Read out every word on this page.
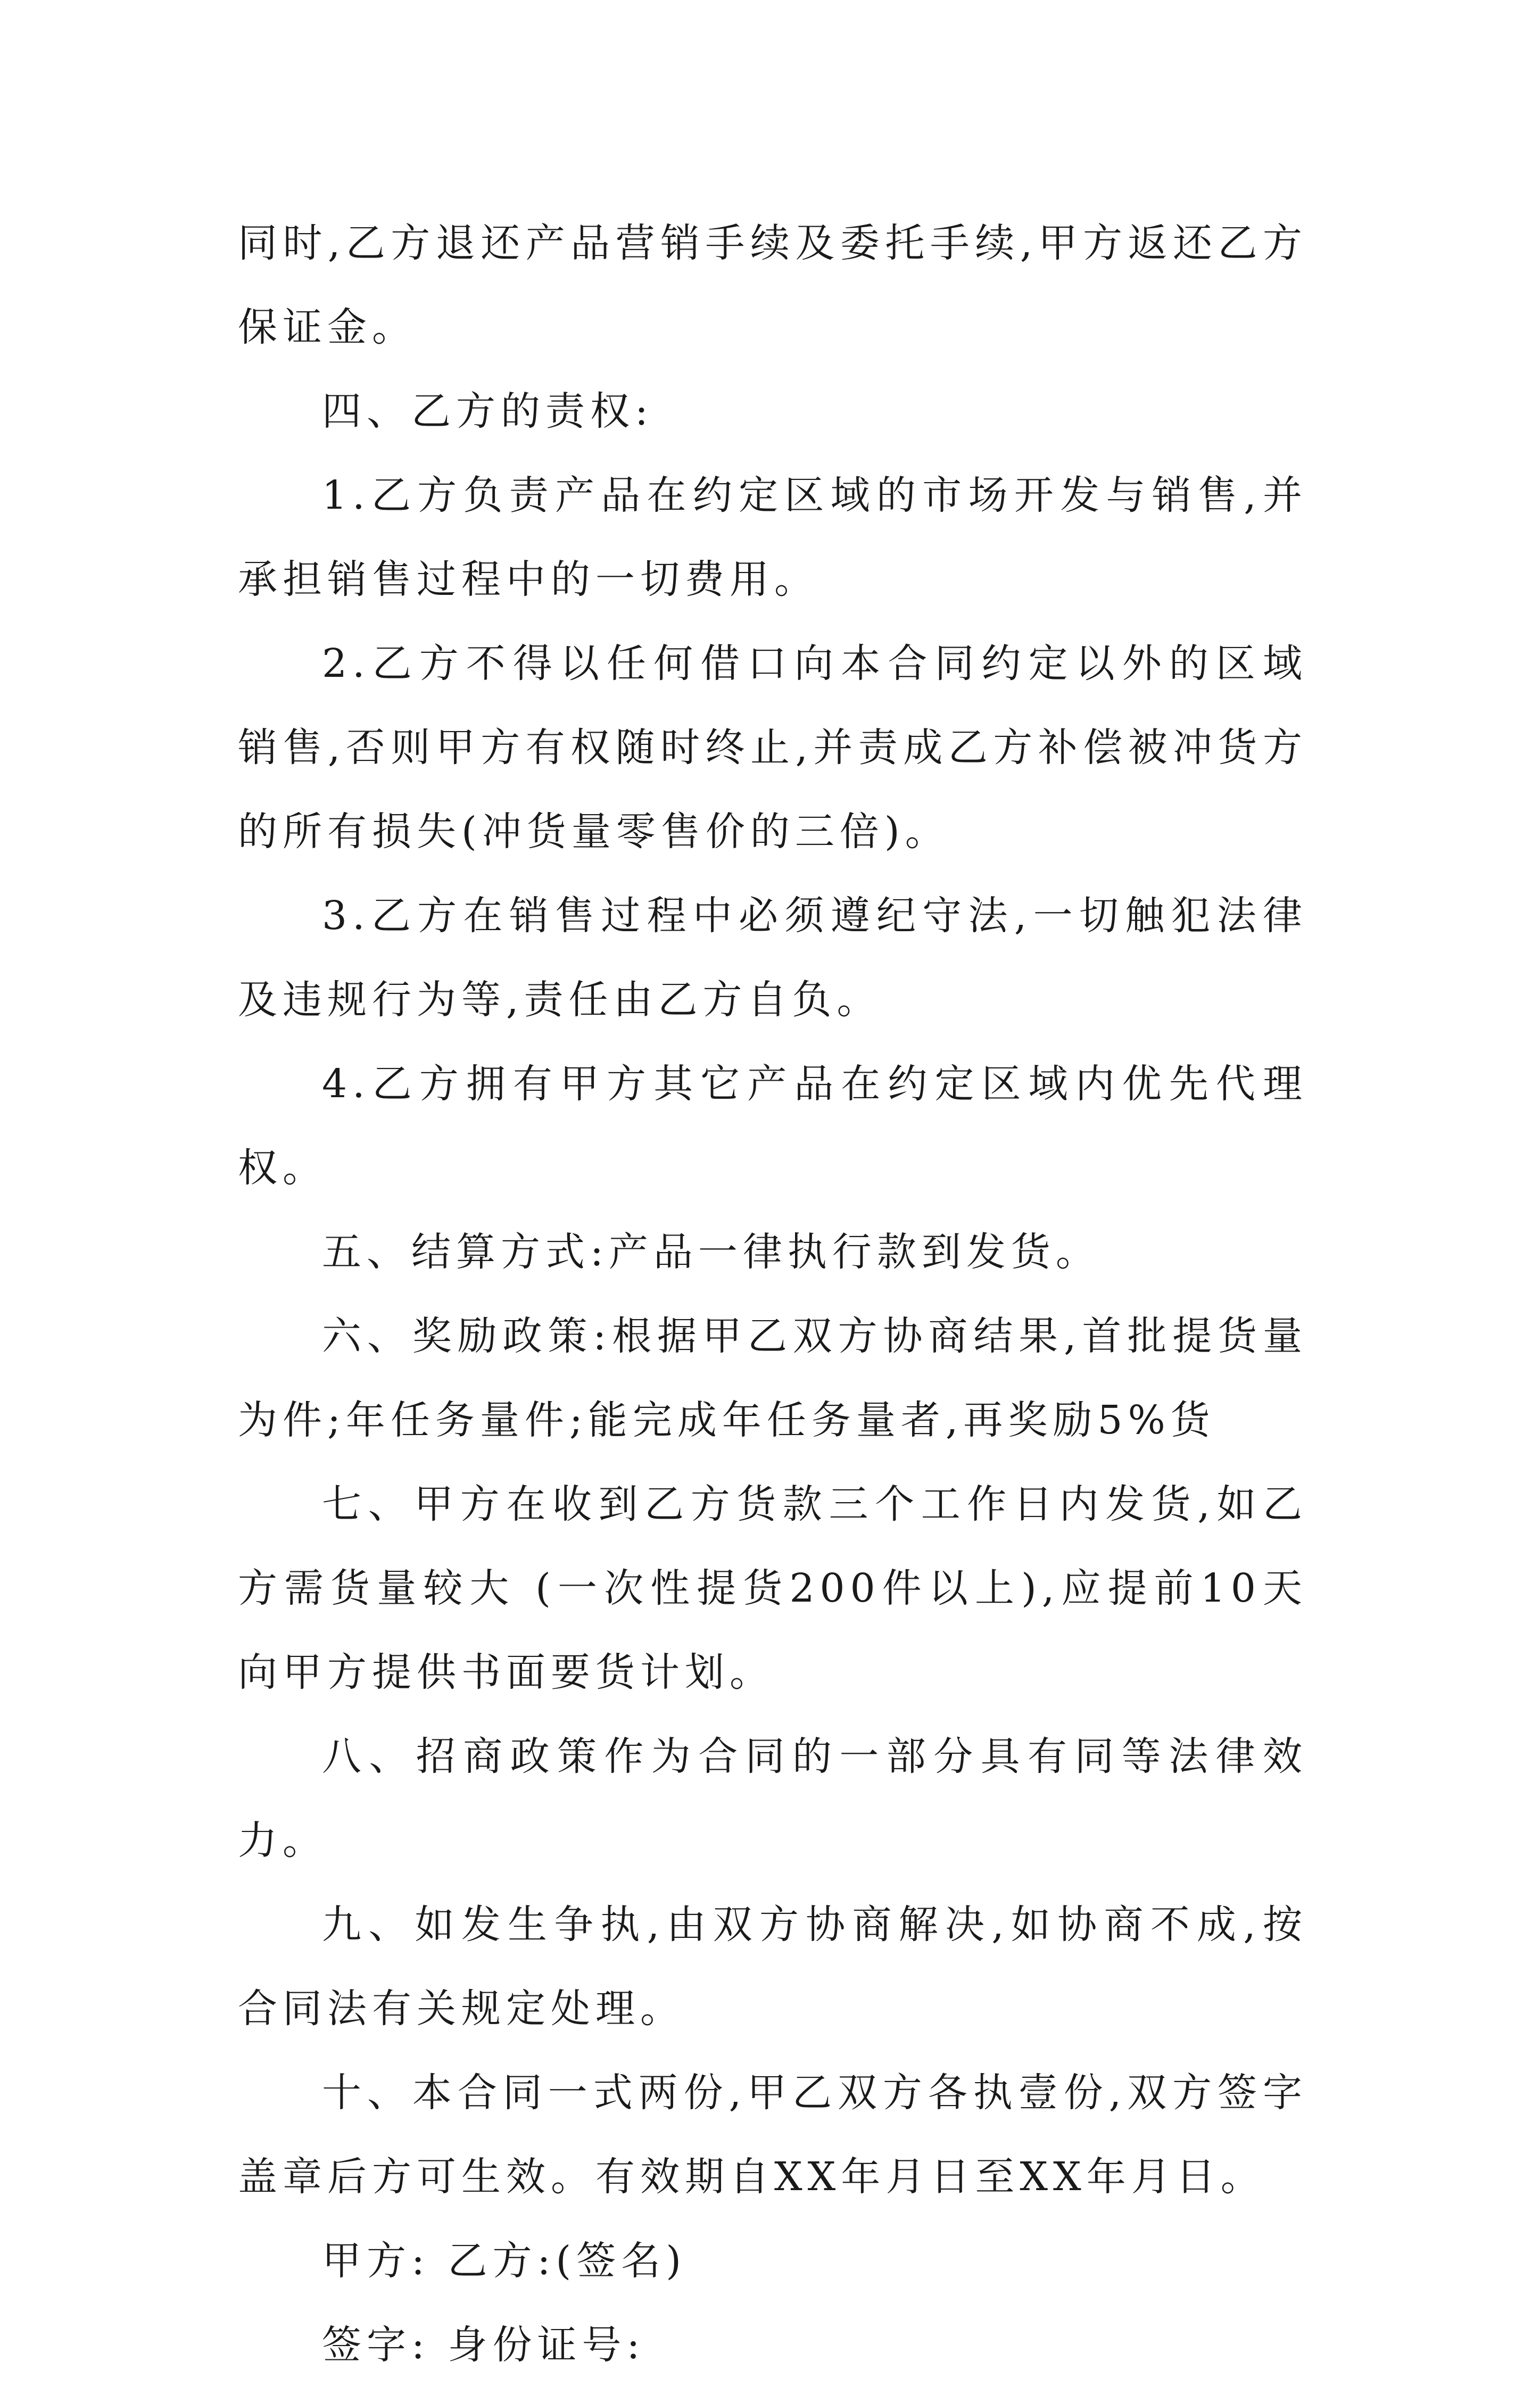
同时,乙方退还产品营销手续及委托手续,甲方返还乙方保证金。

四、乙方的责权:

1.乙方负责产品在约定区域的市场开发与销售,并承担销售过程中的一切费用。

2.乙方不得以任何借口向本合同约定以外的区域销售,否则甲方有权随时终止,并责成乙方补偿被冲货方的所有损失(冲货量零售价的三倍)。

3.乙方在销售过程中必须遵纪守法,一切触犯法律及违规行为等,责任由乙方自负。

4.乙方拥有甲方其它产品在约定区域内优先代理权。

五、结算方式:产品一律执行款到发货。

六、奖励政策:根据甲乙双方协商结果,首批提货量为件;年任务量件;能完成年任务量者,再奖励5%货

七、甲方在收到乙方货款三个工作日内发货,如乙方需货量较大 (一次性提货200件以上),应提前10天向甲方提供书面要货计划。

八、招商政策作为合同的一部分具有同等法律效力。

九、如发生争执,由双方协商解决,如协商不成,按合同法有关规定处理。

十、本合同一式两份,甲乙双方各执壹份,双方签字盖章后方可生效。有效期自XX年月日至XX年月日。

甲方: 乙方:(签名)

签字: 身份证号:
